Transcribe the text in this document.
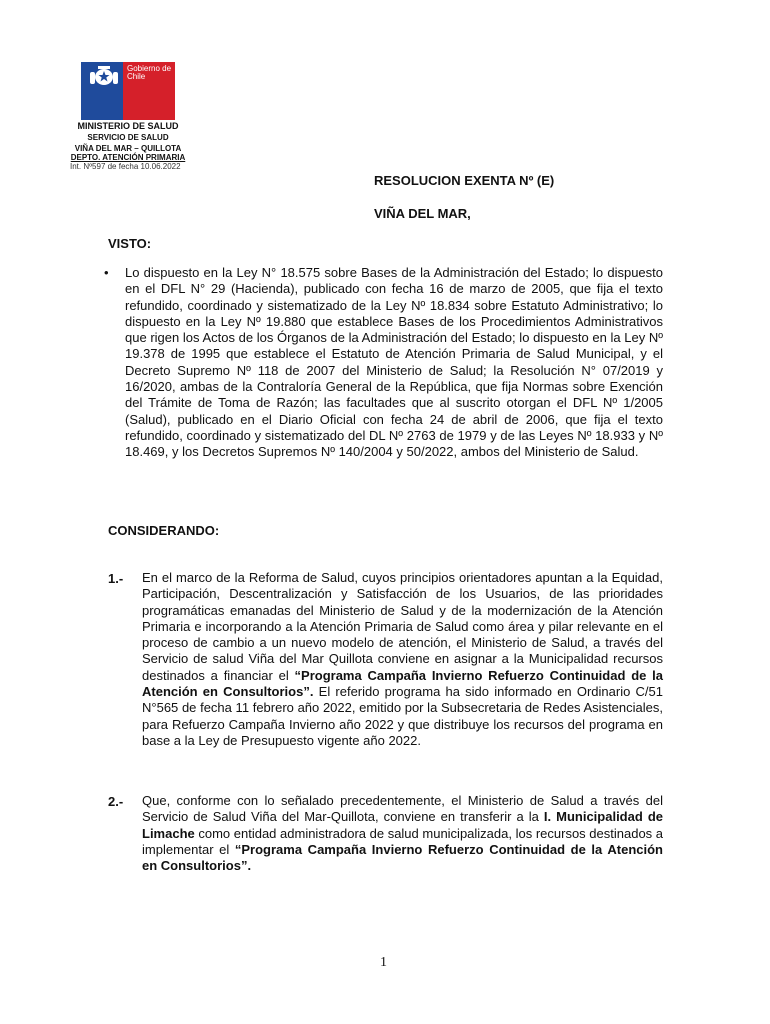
Gobierno de Chile
MINISTERIO DE SALUD
SERVICIO DE SALUD
VIÑA DEL MAR – QUILLOTA
DEPTO. ATENCIÓN PRIMARIA
Int. Nº597 de fecha 10.06.2022
RESOLUCION EXENTA Nº (E)
VIÑA DEL MAR,
VISTO:
• Lo dispuesto en la Ley N° 18.575 sobre Bases de la Administración del Estado; lo dispuesto en el DFL N° 29 (Hacienda), publicado con fecha 16 de marzo de 2005, que fija el texto refundido, coordinado y sistematizado de la Ley Nº 18.834 sobre Estatuto Administrativo; lo dispuesto en la Ley Nº 19.880 que establece Bases de los Procedimientos Administrativos que rigen los Actos de los Órganos de la Administración del Estado; lo dispuesto en la Ley Nº 19.378 de 1995 que establece el Estatuto de Atención Primaria de Salud Municipal, y el Decreto Supremo Nº 118 de 2007 del Ministerio de Salud; la Resolución N° 07/2019 y 16/2020, ambas de la Contraloría General de la República, que fija Normas sobre Exención del Trámite de Toma de Razón; las facultades que al suscrito otorgan el DFL Nº 1/2005 (Salud), publicado en el Diario Oficial con fecha 24 de abril de 2006, que fija el texto refundido, coordinado y sistematizado del DL Nº 2763 de 1979 y de las Leyes Nº 18.933 y Nº 18.469, y los Decretos Supremos Nº 140/2004 y 50/2022, ambos del Ministerio de Salud.
CONSIDERANDO:
1.- En el marco de la Reforma de Salud, cuyos principios orientadores apuntan a la Equidad, Participación, Descentralización y Satisfacción de los Usuarios, de las prioridades programáticas emanadas del Ministerio de Salud y de la modernización de la Atención Primaria e incorporando a la Atención Primaria de Salud como área y pilar relevante en el proceso de cambio a un nuevo modelo de atención, el Ministerio de Salud, a través del Servicio de salud Viña del Mar Quillota conviene en asignar a la Municipalidad recursos destinados a financiar el “Programa Campaña Invierno Refuerzo Continuidad de la Atención en Consultorios”. El referido programa ha sido informado en Ordinario C/51 N°565 de fecha 11 febrero año 2022, emitido por la Subsecretaria de Redes Asistenciales, para Refuerzo Campaña Invierno año 2022 y que distribuye los recursos del programa en base a la Ley de Presupuesto vigente año 2022.
2.- Que, conforme con lo señalado precedentemente, el Ministerio de Salud a través del Servicio de Salud Viña del Mar-Quillota, conviene en transferir a la I. Municipalidad de Limache como entidad administradora de salud municipalizada, los recursos destinados a implementar el “Programa Campaña Invierno Refuerzo Continuidad de la Atención en Consultorios”.
1
